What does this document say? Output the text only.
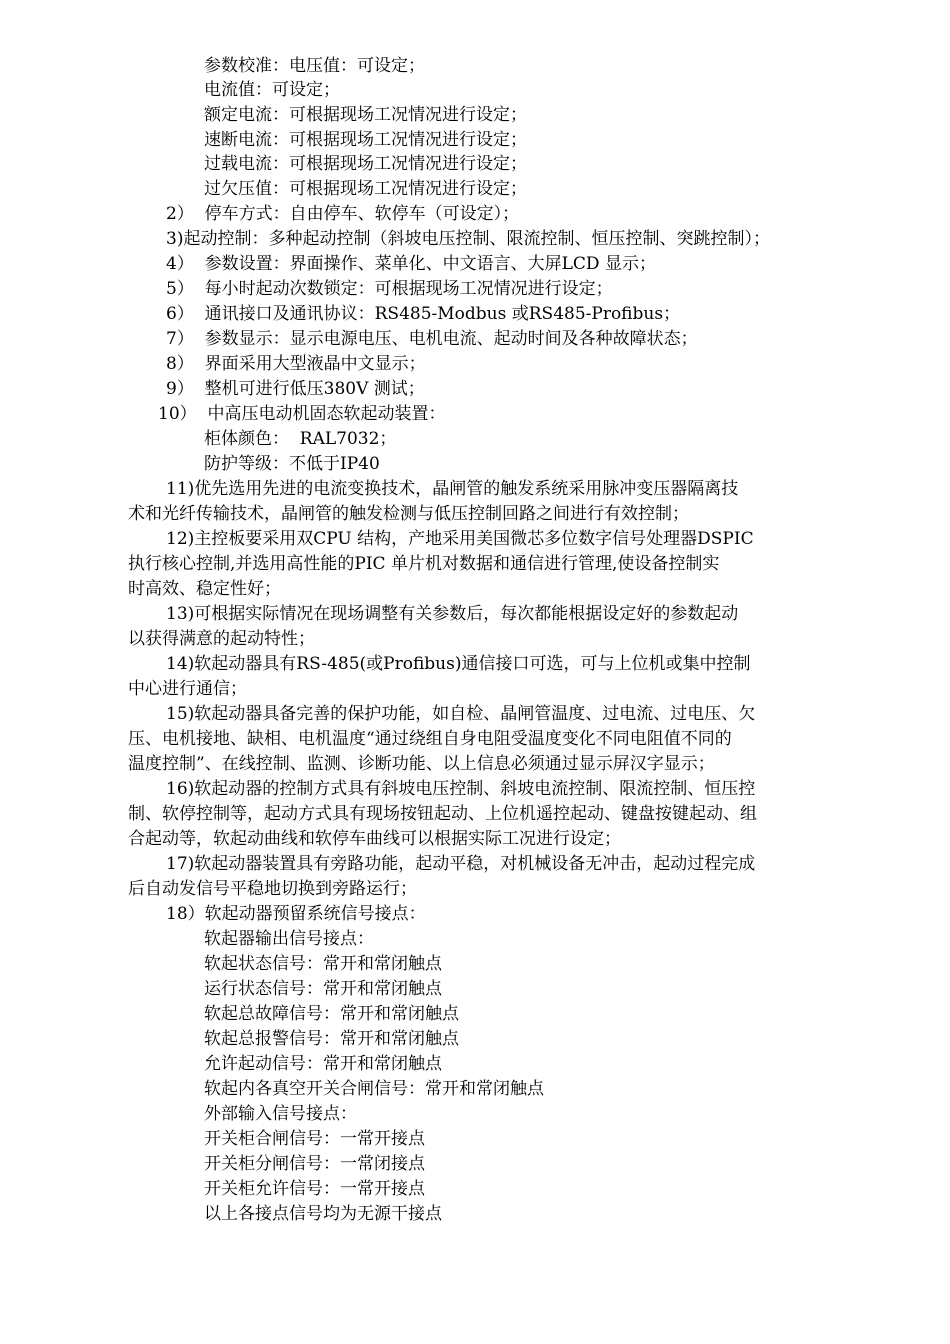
参数校准：电压值：可设定；
电流值：可设定；
额定电流：可根据现场工况情况进行设定；
速断电流：可根据现场工况情况进行设定；
过载电流：可根据现场工况情况进行设定；
过欠压值：可根据现场工况情况进行设定；
2）  停车方式：自由停车、软停车（可设定）；
3)起动控制：多种起动控制（斜坡电压控制、限流控制、恒压控制、突跳控制）；
4）  参数设置：界面操作、菜单化、中文语言、大屏LCD 显示；
5）  每小时起动次数锁定：可根据现场工况情况进行设定；
6）  通讯接口及通讯协议：RS485-Modbus 或RS485-Profibus；
7）  参数显示：显示电源电压、电机电流、起动时间及各种故障状态；
8）  界面采用大型液晶中文显示；
9）  整机可进行低压380V 测试；
10）  中高压电动机固态软起动装置：
柜体颜色：  RAL7032；
防护等级：不低于IP40
11)优先选用先进的电流变换技术，晶闸管的触发系统采用脉冲变压器隔离技
术和光纤传输技术，晶闸管的触发检测与低压控制回路之间进行有效控制；
12)主控板要采用双CPU 结构，产地采用美国微芯多位数字信号处理器DSPIC
执行核心控制,并选用高性能的PIC 单片机对数据和通信进行管理,使设备控制实
时高效、稳定性好；
13)可根据实际情况在现场调整有关参数后，每次都能根据设定好的参数起动
以获得满意的起动特性；
14)软起动器具有RS-485(或Profibus)通信接口可选，可与上位机或集中控制
中心进行通信；
15)软起动器具备完善的保护功能，如自检、晶闸管温度、过电流、过电压、欠
压、电机接地、缺相、电机温度“通过绕组自身电阻受温度变化不同电阻值不同的
温度控制”、在线控制、监测、诊断功能、以上信息必须通过显示屏汉字显示；
16)软起动器的控制方式具有斜坡电压控制、斜坡电流控制、限流控制、恒压控
制、软停控制等，起动方式具有现场按钮起动、上位机遥控起动、键盘按键起动、组
合起动等，软起动曲线和软停车曲线可以根据实际工况进行设定；
17)软起动器装置具有旁路功能，起动平稳，对机械设备无冲击，起动过程完成
后自动发信号平稳地切换到旁路运行；
18）软起动器预留系统信号接点：
软起器输出信号接点：
软起状态信号：常开和常闭触点
运行状态信号：常开和常闭触点
软起总故障信号：常开和常闭触点
软起总报警信号：常开和常闭触点
允许起动信号：常开和常闭触点
软起内各真空开关合闸信号：常开和常闭触点
外部输入信号接点：
开关柜合闸信号：一常开接点
开关柜分闸信号：一常闭接点
开关柜允许信号：一常开接点
以上各接点信号均为无源干接点
